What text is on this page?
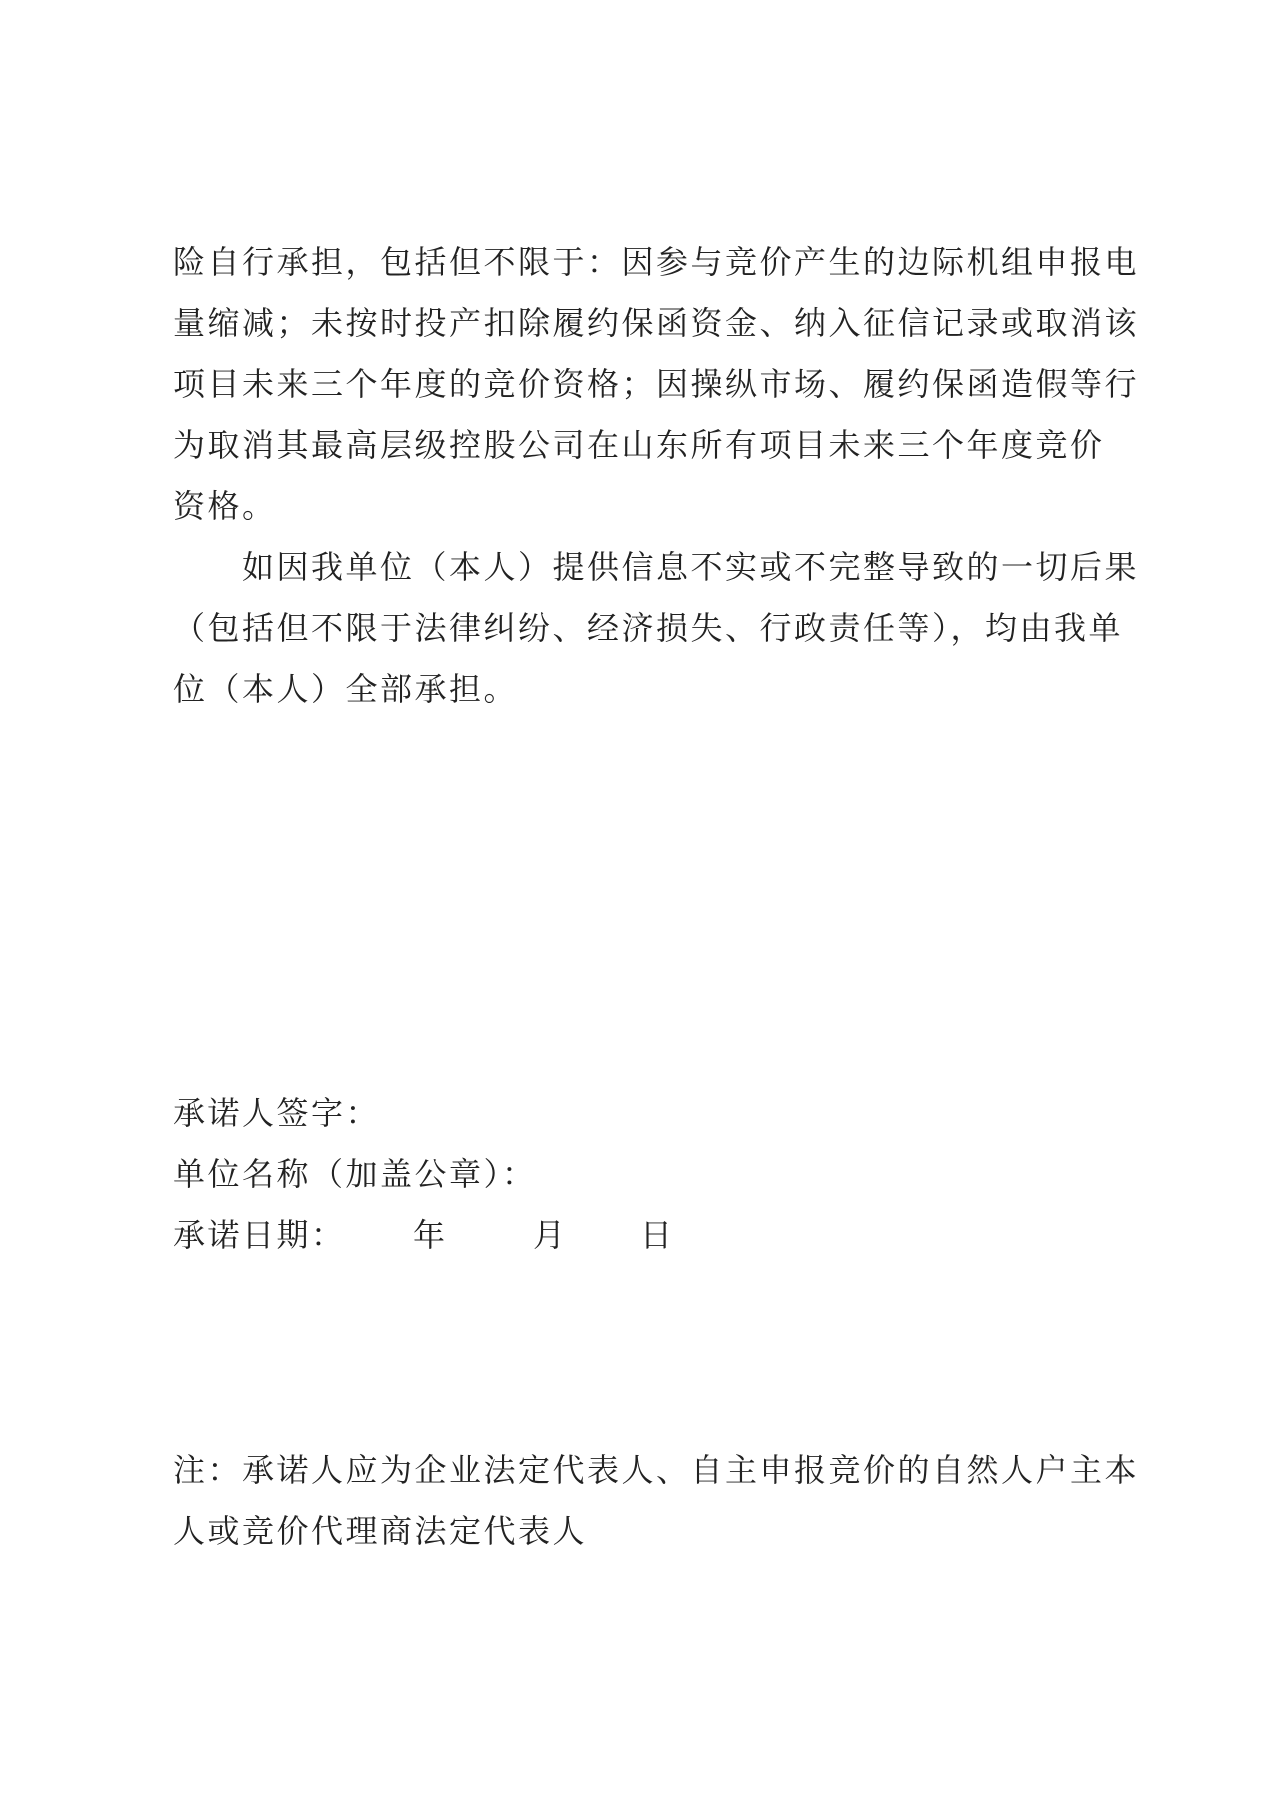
险自行承担，包括但不限于：因参与竞价产生的边际机组申报电
量缩减；未按时投产扣除履约保函资金、纳入征信记录或取消该
项目未来三个年度的竞价资格；因操纵市场、履约保函造假等行
为取消其最高层级控股公司在山东所有项目未来三个年度竞价
资格。
　　如因我单位（本人）提供信息不实或不完整导致的一切后果
（包括但不限于法律纠纷、经济损失、行政责任等），均由我单
位（本人）全部承担。
承诺人签字：
单位名称（加盖公章）：
承诺日期： 年	月 日
注：承诺人应为企业法定代表人、自主申报竞价的自然人户主本
人或竞价代理商法定代表人
